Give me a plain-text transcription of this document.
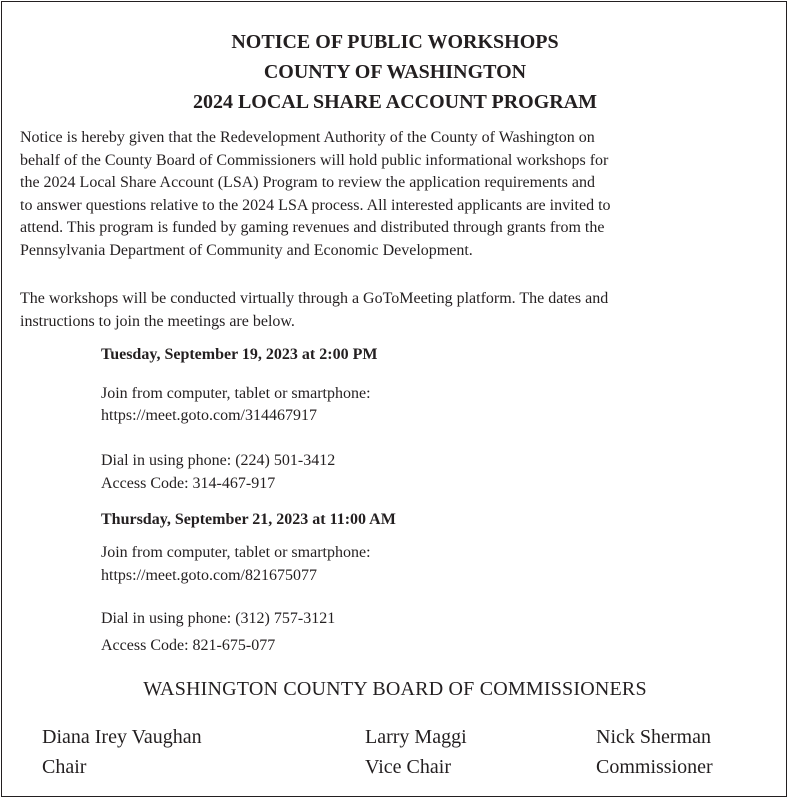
NOTICE OF PUBLIC WORKSHOPS
COUNTY OF WASHINGTON
2024 LOCAL SHARE ACCOUNT PROGRAM
Notice is hereby given that the Redevelopment Authority of the County of Washington on
behalf of the County Board of Commissioners will hold public informational workshops for
the 2024 Local Share Account (LSA) Program to review the application requirements and
to answer questions relative to the 2024 LSA process. All interested applicants are invited to
attend. This program is funded by gaming revenues and distributed through grants from the
Pennsylvania Department of Community and Economic Development.
The workshops will be conducted virtually through a GoToMeeting platform. The dates and
instructions to join the meetings are below.
Tuesday, September 19, 2023 at 2:00 PM
Join from computer, tablet or smartphone:
https://meet.goto.com/314467917
Dial in using phone: (224) 501-3412
Access Code: 314-467-917
Thursday, September 21, 2023 at 11:00 AM
Join from computer, tablet or smartphone:
https://meet.goto.com/821675077
Dial in using phone: (312) 757-3121
Access Code: 821-675-077
WASHINGTON COUNTY BOARD OF COMMISSIONERS
Diana Irey Vaughan
Chair
Larry Maggi
Vice Chair
Nick Sherman
Commissioner
